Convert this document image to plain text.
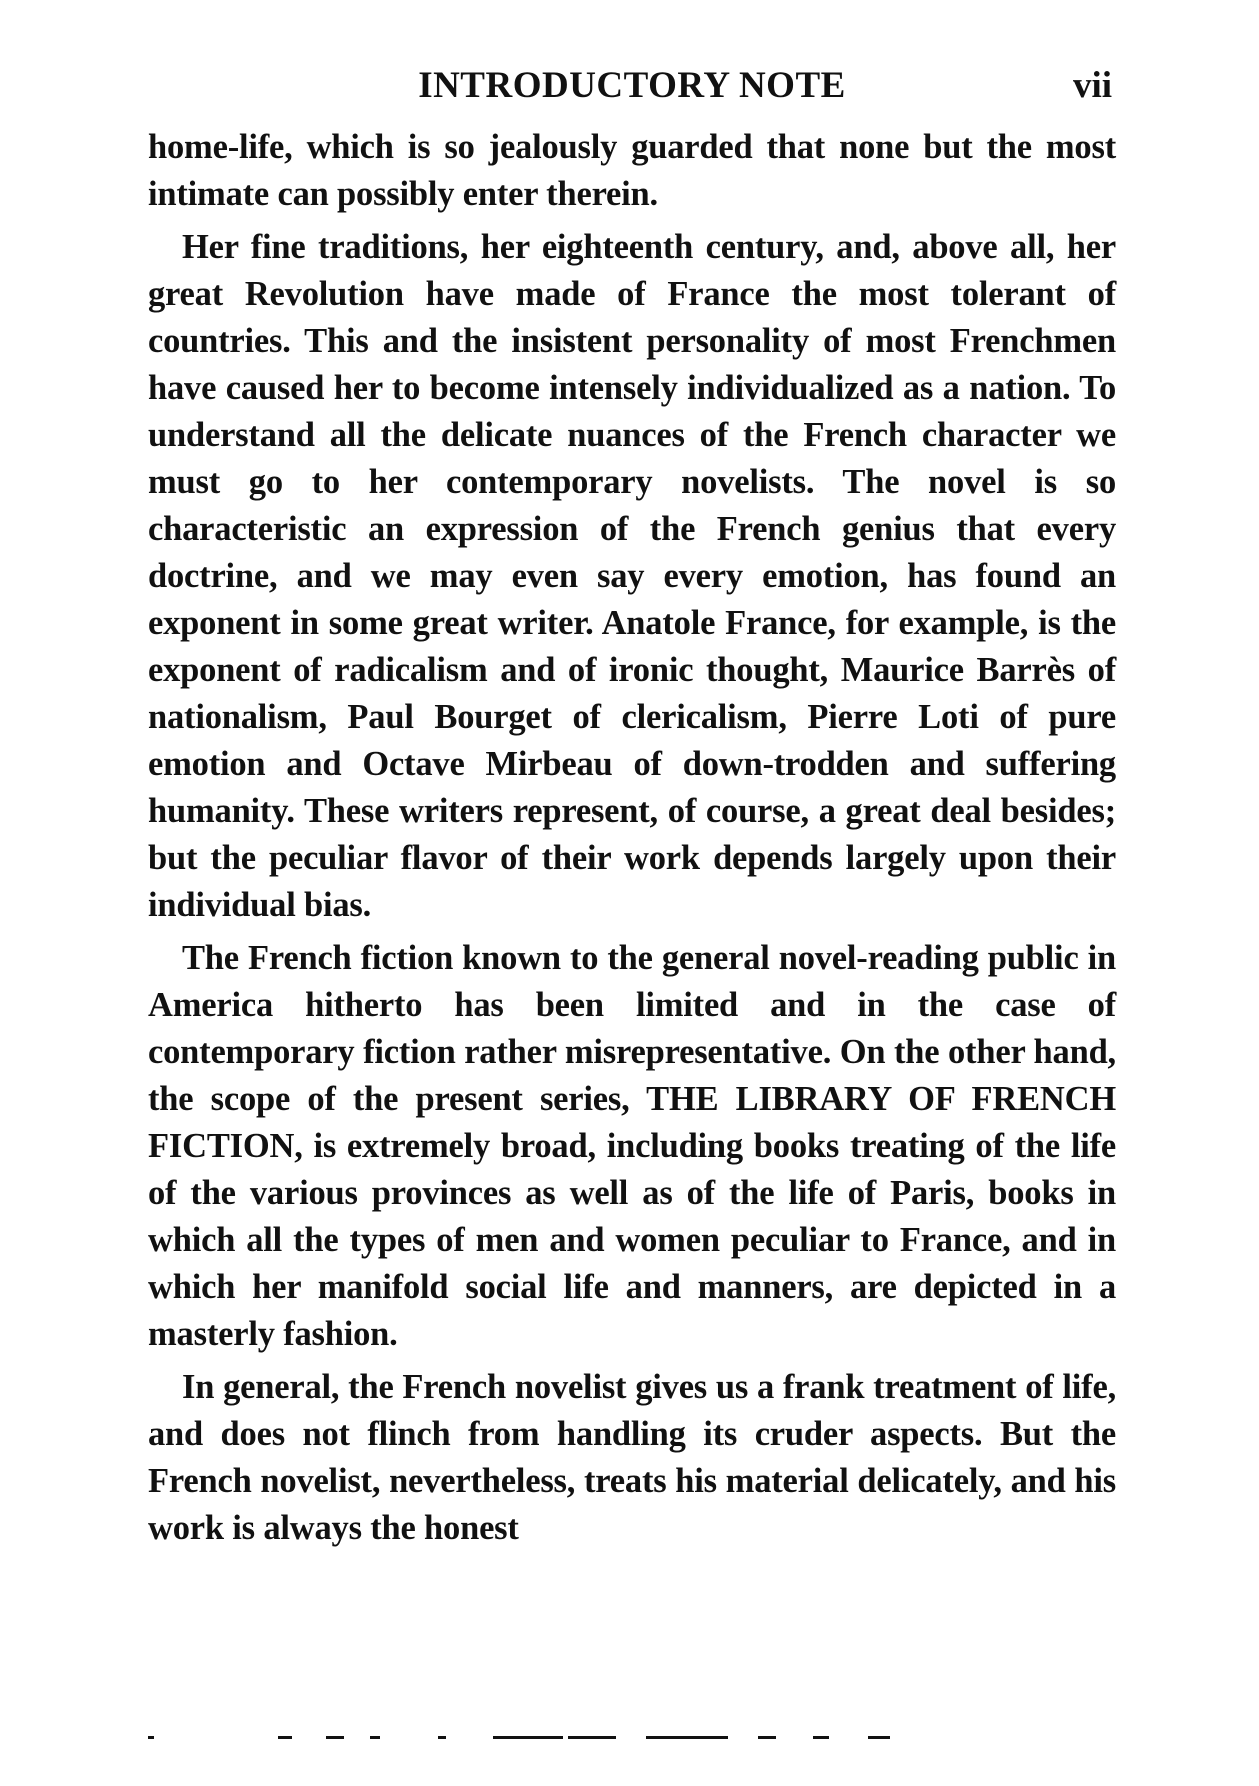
INTRODUCTORY NOTE	vii

home-life, which is so jealously guarded that none but the most intimate can possibly enter therein.

Her fine traditions, her eighteenth century, and, above all, her great Revolution have made of France the most tolerant of countries. This and the insistent personality of most Frenchmen have caused her to become intensely individualized as a nation. To understand all the delicate nuances of the French character we must go to her contemporary novelists. The novel is so characteristic an expression of the French genius that every doctrine, and we may even say every emotion, has found an exponent in some great writer. Anatole France, for example, is the exponent of radicalism and of ironic thought, Maurice Barrès of nationalism, Paul Bourget of clericalism, Pierre Loti of pure emotion and Octave Mirbeau of down-trodden and suffering humanity. These writers represent, of course, a great deal besides; but the peculiar flavor of their work depends largely upon their individual bias.

The French fiction known to the general novel-reading public in America hitherto has been limited and in the case of contemporary fiction rather misrepresentative. On the other hand, the scope of the present series, THE LIBRARY OF FRENCH FICTION, is extremely broad, including books treating of the life of the various provinces as well as of the life of Paris, books in which all the types of men and women peculiar to France, and in which her manifold social life and manners, are depicted in a masterly fashion.

In general, the French novelist gives us a frank treatment of life, and does not flinch from handling its cruder aspects. But the French novelist, nevertheless, treats his material delicately, and his work is always the honest
